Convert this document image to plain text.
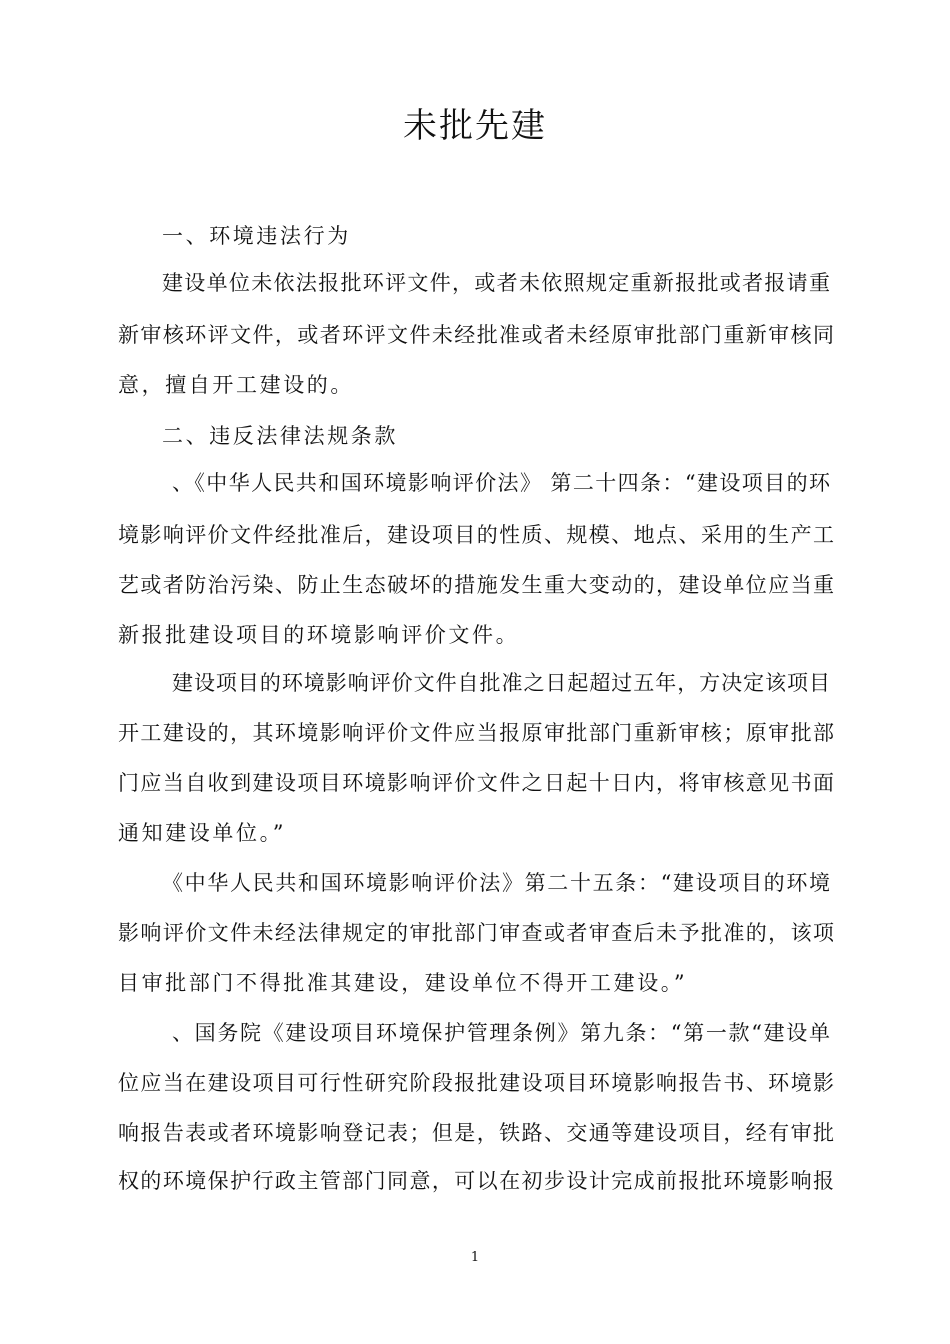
未批先建
一、环境违法行为
建设单位未依法报批环评文件，或者未依照规定重新报批或者报请重
新审核环评文件，或者环评文件未经批准或者未经原审批部门重新审核同
意，擅自开工建设的。
二、违反法律法规条款
、《中华人民共和国环境影响评价法》 第二十四条：“建设项目的环
境影响评价文件经批准后，建设项目的性质、规模、地点、采用的生产工
艺或者防治污染、防止生态破坏的措施发生重大变动的，建设单位应当重
新报批建设项目的环境影响评价文件。
建设项目的环境影响评价文件自批准之日起超过五年，方决定该项目
开工建设的，其环境影响评价文件应当报原审批部门重新审核；原审批部
门应当自收到建设项目环境影响评价文件之日起十日内，将审核意见书面
通知建设单位。”
《中华人民共和国环境影响评价法》第二十五条：“建设项目的环境
影响评价文件未经法律规定的审批部门审查或者审查后未予批准的，该项
目审批部门不得批准其建设，建设单位不得开工建设。”
、国务院《建设项目环境保护管理条例》第九条：“第一款“建设单
位应当在建设项目可行性研究阶段报批建设项目环境影响报告书、环境影
响报告表或者环境影响登记表；但是，铁路、交通等建设项目，经有审批
权的环境保护行政主管部门同意，可以在初步设计完成前报批环境影响报
1
